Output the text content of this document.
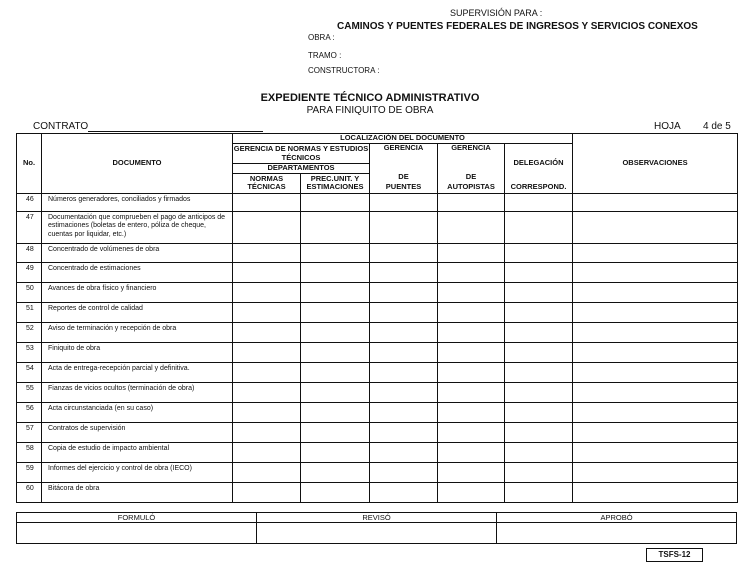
SUPERVISIÓN PARA :
CAMINOS Y PUENTES FEDERALES DE INGRESOS Y SERVICIOS CONEXOS
OBRA :
TRAMO :
CONSTRUCTORA :
EXPEDIENTE TÉCNICO ADMINISTRATIVO
PARA FINIQUITO DE OBRA
CONTRATO	HOJA 4 de 5
No.	DOCUMENTO	LOCALIZACIÓN DEL DOCUMENTO					OBSERVACIONES
		GERENCIA DE NORMAS Y ESTUDIOS TÉCNICOS		GERENCIA	GERENCIA	DELEGACIÓN	
		DEPARTAMENTOS					
		NORMAS TÉCNICAS	PREC.UNIT. Y ESTIMACIONES	DE	DE		
				PUENTES	AUTOPISTAS	CORRESPOND.	
46	Números generadores, conciliados y firmados						
47	Documentación que comprueben el pago de anticipos de estimaciones (boletas de entero, póliza de cheque, cuentas por liquidar, etc.)						
48	Concentrado de volúmenes de obra						
49	Concentrado de estimaciones						
50	Avances de obra físico y financiero						
51	Reportes de control de calidad						
52	Aviso de terminación y recepción de obra						
53	Finiquito de obra						
54	Acta de entrega-recepción parcial y definitiva.						
55	Fianzas de vicios ocultos (terminación de obra)						
56	Acta circunstanciada (en su caso)						
57	Contratos de supervisión						
58	Copia de estudio de impacto ambiental						
59	Informes del ejercicio y control de obra (IECO)						
60	Bitácora de obra						
FORMULÓ	REVISÓ	APROBÓ

TSFS-12
